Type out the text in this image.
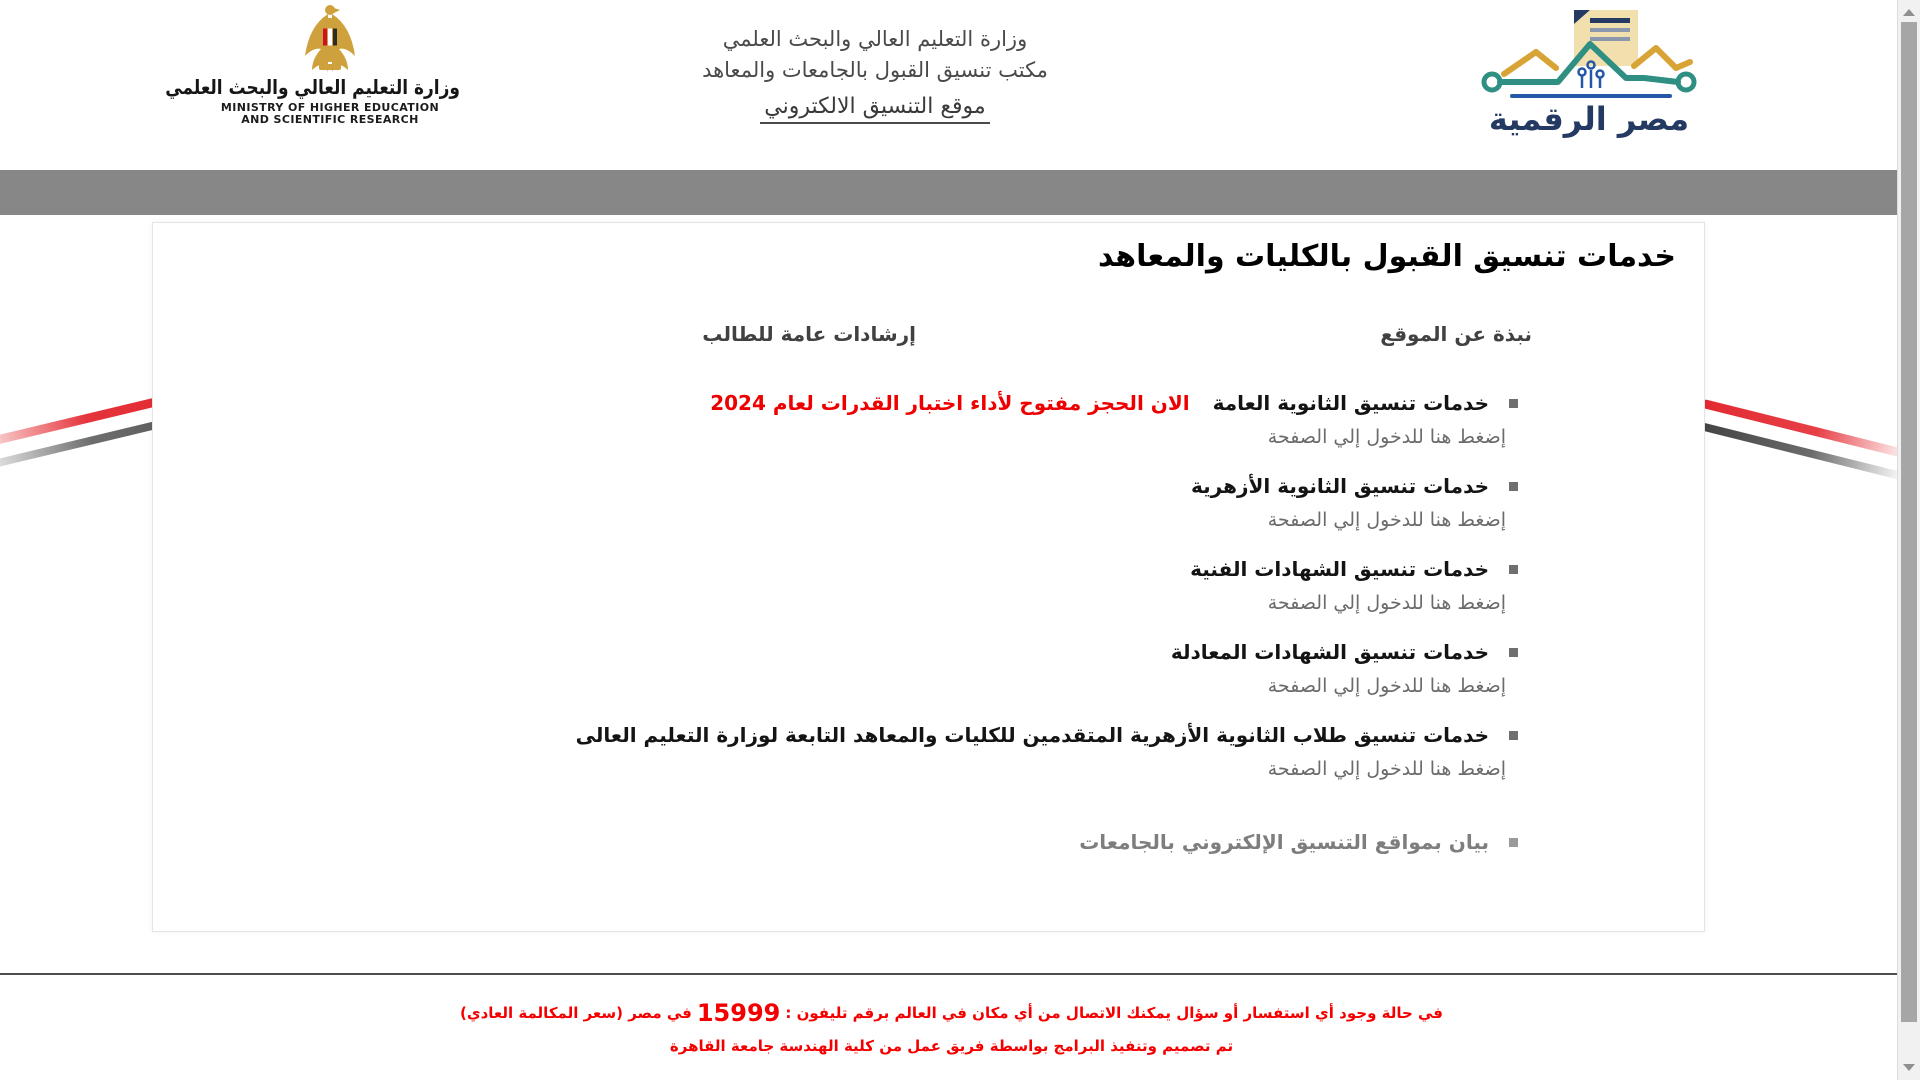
وزارة التعليم العالي والبحث العلمي
MINISTRY OF HIGHER EDUCATION
AND SCIENTIFIC RESEARCH
وزارة التعليم العالي والبحث العلمي
مكتب تنسيق القبول بالجامعات والمعاهد
موقع التنسيق الالكتروني	مصر الرقمية
خدمات تنسيق القبول بالكليات والمعاهد
نبذة عن الموقع
إرشادات عامة للطالب
خدمات تنسيق الثانوية العامة الان الحجز مفتوح لأداء اختبار القدرات لعام 2024
إضغط هنا للدخول إلي الصفحة
خدمات تنسيق الثانوية الأزهرية
إضغط هنا للدخول إلي الصفحة
خدمات تنسيق الشهادات الفنية
إضغط هنا للدخول إلي الصفحة
خدمات تنسيق الشهادات المعادلة
إضغط هنا للدخول إلي الصفحة
خدمات تنسيق طلاب الثانوية الأزهرية المتقدمين للكليات والمعاهد التابعة لوزارة التعليم العالى
إضغط هنا للدخول إلي الصفحة
بيان بمواقع التنسيق الإلكتروني بالجامعات
في حالة وجود أي استفسار أو سؤال يمكنك الاتصال من أي مكان في العالم برقم تليفون :
15999
في مصر (سعر المكالمة العادي)
تم تصميم وتنفيذ البرامج بواسطة فريق عمل من كلية الهندسة جامعة القاهرة
